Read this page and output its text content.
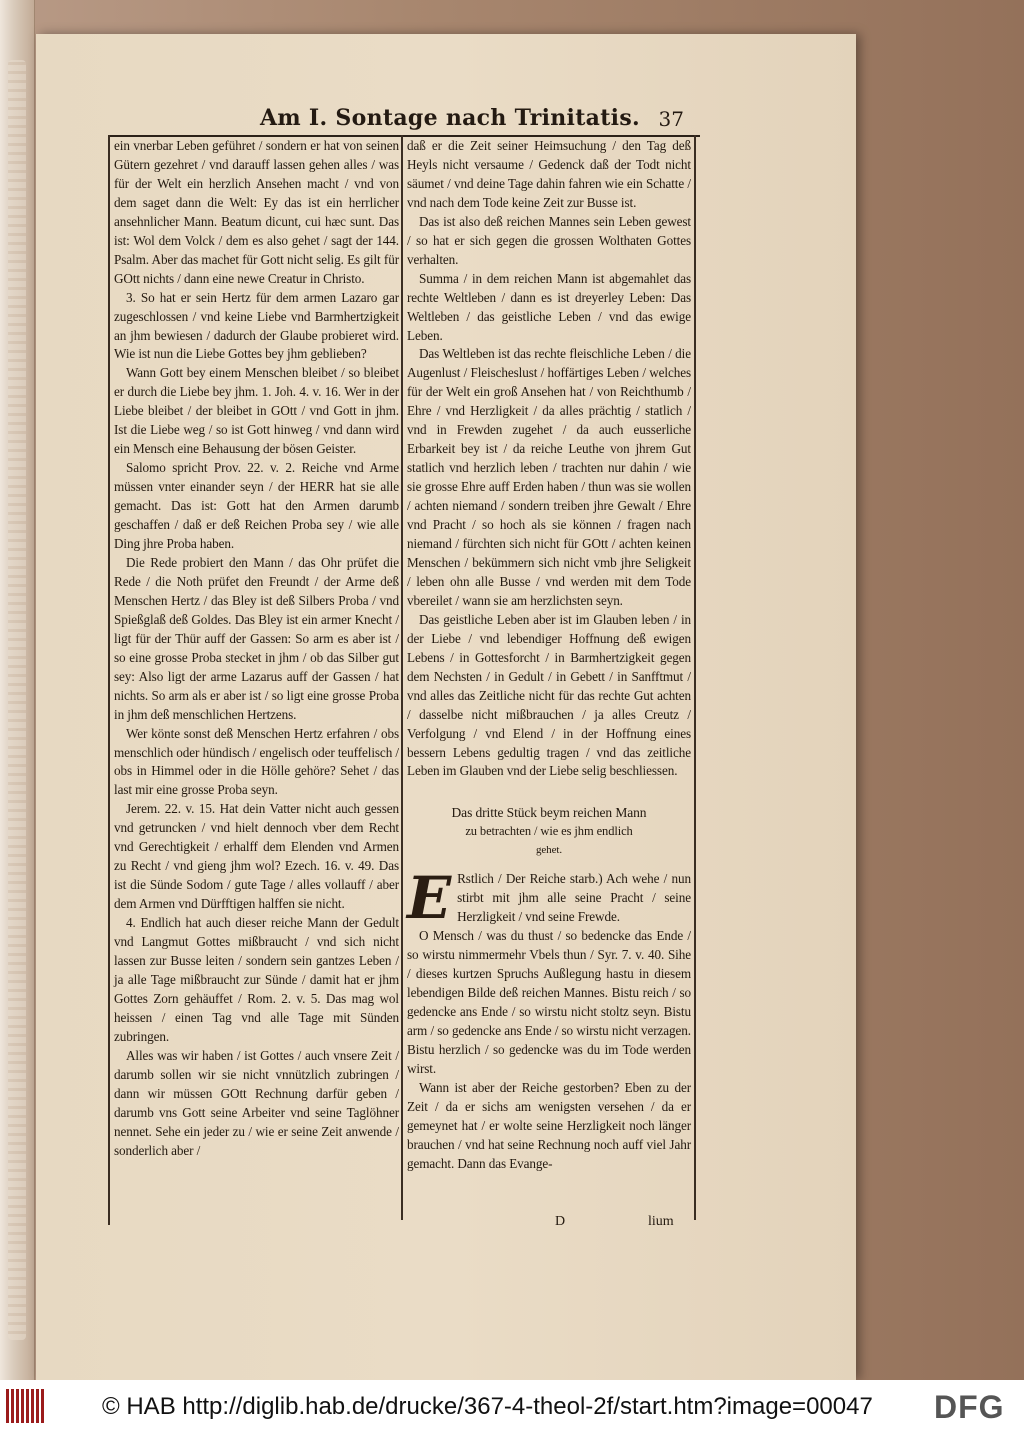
Am I. Sontage nach Trinitatis. 37

ein vnerbar Leben geführet / sondern er hat von seinen Gütern gezehret / vnd darauff lassen gehen alles / was für der Welt ein herzlich Ansehen macht / vnd von dem saget dann die Welt: Ey das ist ein herrlicher ansehnlicher Mann. Beatum dicunt, cui hæc sunt. Das ist: Wol dem Volck / dem es also gehet / sagt der 144. Psalm. Aber das machet für Gott nicht selig. Es gilt für GOtt nichts / dann eine newe Creatur in Christo.

3. So hat er sein Hertz für dem armen Lazaro gar zugeschlossen / vnd keine Liebe vnd Barmhertzigkeit an jhm bewiesen / dadurch der Glaube probieret wird. Wie ist nun die Liebe Gottes bey jhm geblieben?

Wann Gott bey einem Menschen bleibet / so bleibet er durch die Liebe bey jhm. 1. Joh. 4. v. 16. Wer in der Liebe bleibet / der bleibet in GOtt / vnd Gott in jhm. Ist die Liebe weg / so ist Gott hinweg / vnd dann wird ein Mensch eine Behausung der bösen Geister.

Salomo spricht Prov. 22. v. 2. Reiche vnd Arme müssen vnter einander seyn / der HERR hat sie alle gemacht. Das ist: Gott hat den Armen darumb geschaffen / daß er deß Reichen Proba sey / wie alle Ding jhre Proba haben.

Die Rede probiert den Mann / das Ohr prüfet die Rede / die Noth prüfet den Freundt / der Arme deß Menschen Hertz / das Bley ist deß Silbers Proba / vnd Spießglaß deß Goldes. Das Bley ist ein armer Knecht / ligt für der Thür auff der Gassen: So arm es aber ist / so eine grosse Proba stecket in jhm / ob das Silber gut sey: Also ligt der arme Lazarus auff der Gassen / hat nichts. So arm als er aber ist / so ligt eine grosse Proba in jhm deß menschlichen Hertzens.

Wer könte sonst deß Menschen Hertz erfahren / obs menschlich oder hündisch / engelisch oder teuffelisch / obs in Himmel oder in die Hölle gehöre? Sehet / das last mir eine grosse Proba seyn.

Jerem. 22. v. 15. Hat dein Vatter nicht auch gessen vnd getruncken / vnd hielt dennoch vber dem Recht vnd Gerechtigkeit / erhalff dem Elenden vnd Armen zu Recht / vnd gieng jhm wol? Ezech. 16. v. 49. Das ist die Sünde Sodom / gute Tage / alles vollauff / aber dem Armen vnd Dürfftigen halffen sie nicht.

4. Endlich hat auch dieser reiche Mann der Gedult vnd Langmut Gottes mißbraucht / vnd sich nicht lassen zur Busse leiten / sondern sein gantzes Leben / ja alle Tage mißbraucht zur Sünde / damit hat er jhm Gottes Zorn gehäuffet / Rom. 2. v. 5. Das mag wol heissen / einen Tag vnd alle Tage mit Sünden zubringen.

Alles was wir haben / ist Gottes / auch vnsere Zeit / darumb sollen wir sie nicht vnnützlich zubringen / dann wir müssen GOtt Rechnung darfür geben / darumb vns Gott seine Arbeiter vnd seine Taglöhner nennet. Sehe ein jeder zu / wie er seine Zeit anwende / sonderlich aber /

daß er die Zeit seiner Heimsuchung / den Tag deß Heyls nicht versaume / Gedenck daß der Todt nicht säumet / vnd deine Tage dahin fahren wie ein Schatte / vnd nach dem Tode keine Zeit zur Busse ist.

Das ist also deß reichen Mannes sein Leben gewest / so hat er sich gegen die grossen Wolthaten Gottes verhalten.

Summa / in dem reichen Mann ist abgemahlet das rechte Weltleben / dann es ist dreyerley Leben: Das Weltleben / das geistliche Leben / vnd das ewige Leben.

Das Weltleben ist das rechte fleischliche Leben / die Augenlust / Fleischeslust / hoffärtiges Leben / welches für der Welt ein groß Ansehen hat / von Reichthumb / Ehre / vnd Herzligkeit / da alles prächtig / statlich / vnd in Frewden zugehet / da auch eusserliche Erbarkeit bey ist / da reiche Leuthe von jhrem Gut statlich vnd herzlich leben / trachten nur dahin / wie sie grosse Ehre auff Erden haben / thun was sie wollen / achten niemand / sondern treiben jhre Gewalt / Ehre vnd Pracht / so hoch als sie können / fragen nach niemand / fürchten sich nicht für GOtt / achten keinen Menschen / bekümmern sich nicht vmb jhre Seligkeit / leben ohn alle Busse / vnd werden mit dem Tode vbereilet / wann sie am herzlichsten seyn.

Das geistliche Leben aber ist im Glauben leben / in der Liebe / vnd lebendiger Hoffnung deß ewigen Lebens / in Gottesforcht / in Barmhertzigkeit gegen dem Nechsten / in Gedult / in Gebett / in Sanfftmut / vnd alles das Zeitliche nicht für das rechte Gut achten / dasselbe nicht mißbrauchen / ja alles Creutz / Verfolgung / vnd Elend / in der Hoffnung eines bessern Lebens gedultig tragen / vnd das zeitliche Leben im Glauben vnd der Liebe selig beschliessen.

Das dritte Stück beym reichen Mann
zu betrachten / wie es jhm endlich
gehet.
E Rstlich / Der Reiche starb.) Ach wehe / nun stirbt mit jhm alle seine Pracht / seine Herzligkeit / vnd seine Frewde.

O Mensch / was du thust / so bedencke das Ende / so wirstu nimmermehr Vbels thun / Syr. 7. v. 40. Sihe / dieses kurtzen Spruchs Außlegung hastu in diesem lebendigen Bilde deß reichen Mannes. Bistu reich / so gedencke ans Ende / so wirstu nicht stoltz seyn. Bistu arm / so gedencke ans Ende / so wirstu nicht verzagen. Bistu herzlich / so gedencke was du im Tode werden wirst.

Wann ist aber der Reiche gestorben? Eben zu der Zeit / da er sichs am wenigsten versehen / da er gemeynet hat / er wolte seine Herzligkeit noch länger brauchen / vnd hat seine Rechnung noch auff viel Jahr gemacht. Dann das Evange-

D	lium
© HAB http://diglib.hab.de/drucke/367-4-theol-2f/start.htm?image=00047 DFG
